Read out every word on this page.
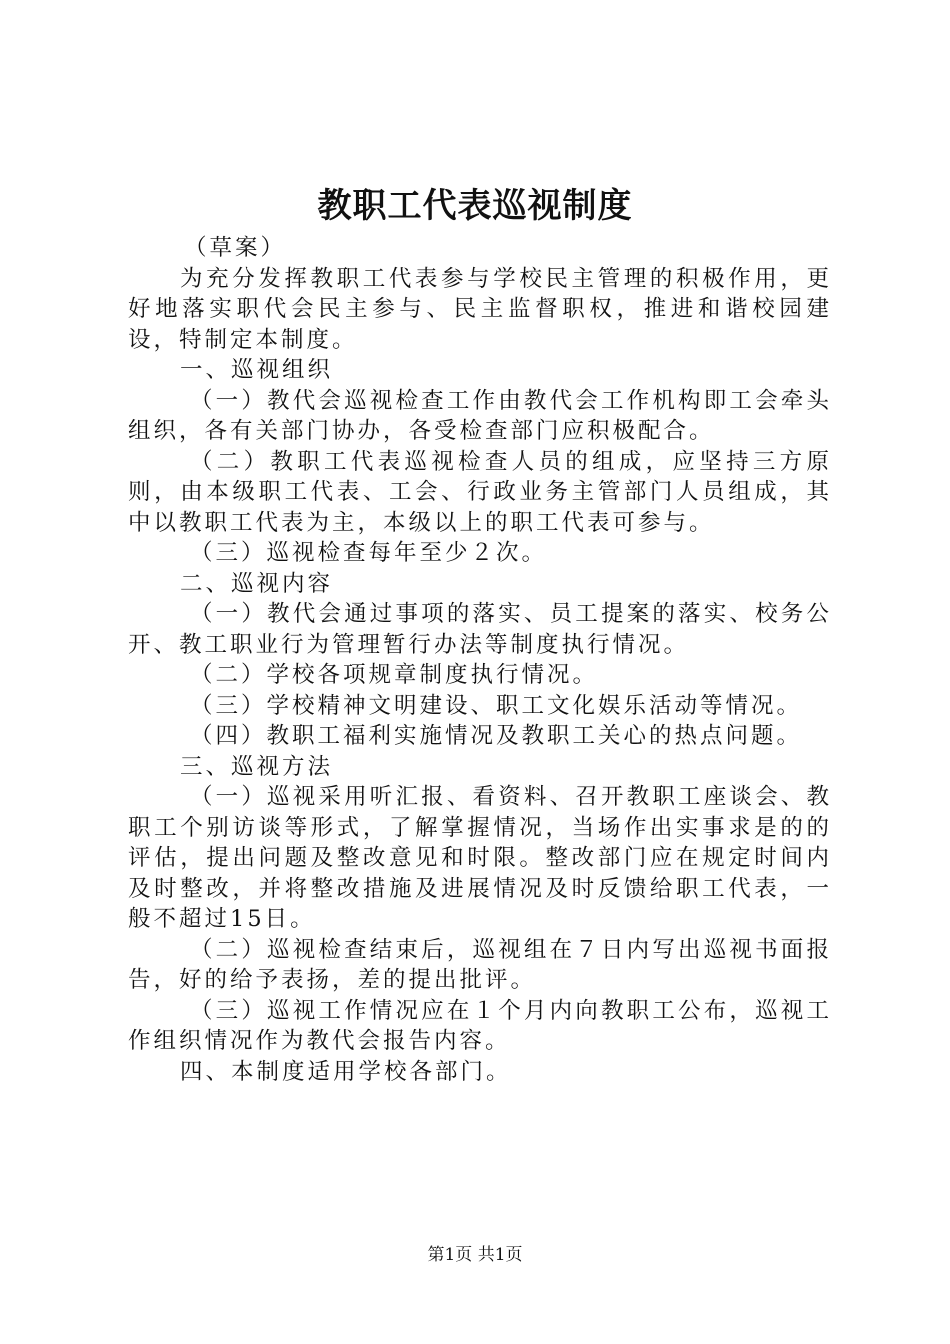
教职工代表巡视制度

（草案）

为充分发挥教职工代表参与学校民主管理的积极作用，更好地落实职代会民主参与、民主监督职权，推进和谐校园建设，特制定本制度。

一、巡视组织

（一）教代会巡视检查工作由教代会工作机构即工会牵头组织，各有关部门协办，各受检查部门应积极配合。

（二）教职工代表巡视检查人员的组成，应坚持三方原则，由本级职工代表、工会、行政业务主管部门人员组成，其中以教职工代表为主，本级以上的职工代表可参与。

（三）巡视检查每年至少２次。

二、巡视内容

（一）教代会通过事项的落实、员工提案的落实、校务公开、教工职业行为管理暂行办法等制度执行情况。

（二）学校各项规章制度执行情况。

（三）学校精神文明建设、职工文化娱乐活动等情况。

（四）教职工福利实施情况及教职工关心的热点问题。

三、巡视方法

（一）巡视采用听汇报、看资料、召开教职工座谈会、教职工个别访谈等形式，了解掌握情况，当场作出实事求是的的评估，提出问题及整改意见和时限。整改部门应在规定时间内及时整改，并将整改措施及进展情况及时反馈给职工代表，一般不超过15日。

（二）巡视检查结束后，巡视组在７日内写出巡视书面报告，好的给予表扬，差的提出批评。

（三）巡视工作情况应在１个月内向教职工公布，巡视工作组织情况作为教代会报告内容。

四、本制度适用学校各部门。

第1页 共1页
